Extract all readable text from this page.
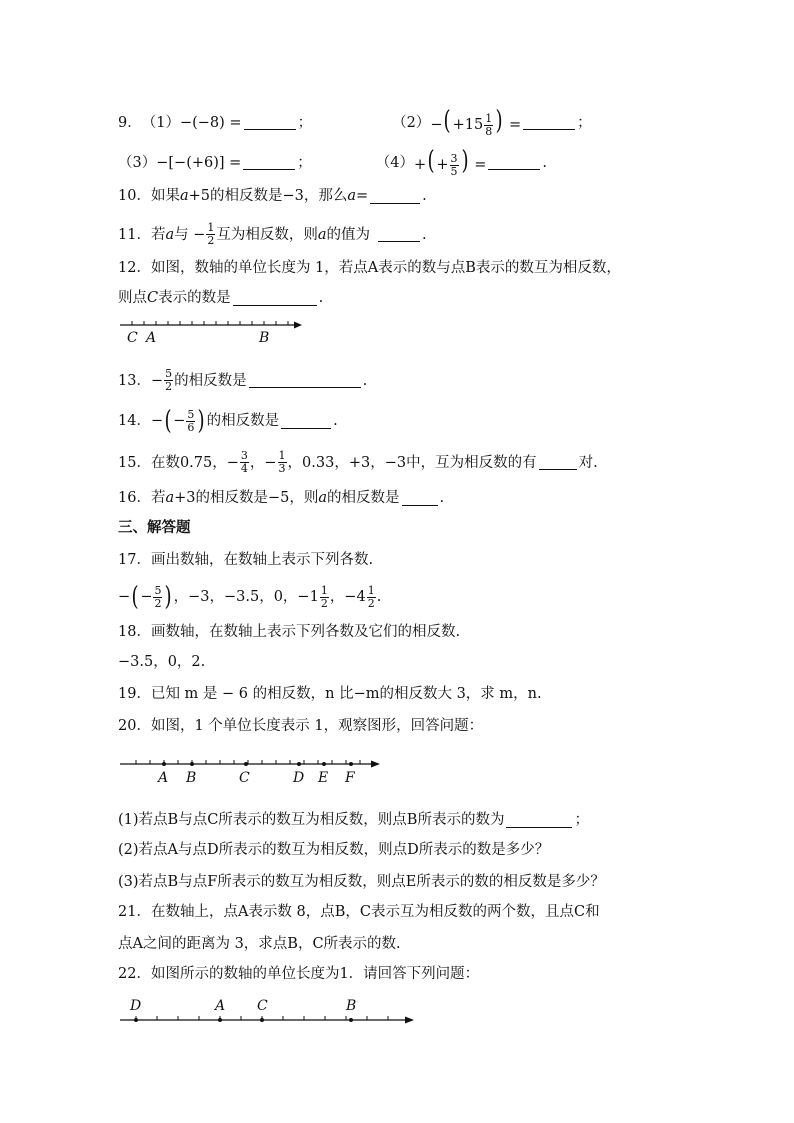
9． （1） −(−8) =	；	（2） −( $+15 \frac{1}{8}$ ) =	；
（3） −[−(+6)] =	；	（4） +( + $\frac{3}{5}$ ) =	.
10．如果 a +5的相反数是−3，那么 a =	.
11．若 a 与 − $\frac{1}{2}$ 互为相反数，则 a 的值为	.
12．如图，数轴的单位长度为 1，若点A表示的数与点B表示的数互为相反数，
则点 C 表示的数是	.
C A	B
13．− $\frac{5}{2}$ 的相反数是	.
14．− ( − $\frac{5}{6}$ ) 的相反数是	.
15．在数0.75，− $\frac{3}{4}$ ，− $\frac{1}{3}$ ，0.33，+3，−3中，互为相反数的有	对.
16．若 a +3的相反数是−5，则 a 的相反数是	.
三、解答题
17．画出数轴，在数轴上表示下列各数.
− ( − $\frac{5}{2}$ ) ，−3，−3.5，0，$-1 \frac{1}{2}$ ，$-4 \frac{1}{2}$ .
18．画数轴，在数轴上表示下列各数及它们的相反数.
−3.5，0，2.
19．已知 m 是 − 6 的相反数，n 比−m的相反数大 3，求 m，n.
20．如图，1 个单位长度表示 1，观察图形，回答问题：
A B	C	D E F
(1)若点B与点C所表示的数互为相反数，则点B所表示的数为	；
(2)若点A与点D所表示的数互为相反数，则点D所表示的数是多少？
(3)若点B与点F所表示的数互为相反数，则点E所表示的数的相反数是多少？
21．在数轴上，点A表示数 8，点B，C表示互为相反数的两个数，且点C和
点A之间的距离为 3，求点B，C所表示的数.
22．如图所示的数轴的单位长度为1．请回答下列问题：
D	A C	B
